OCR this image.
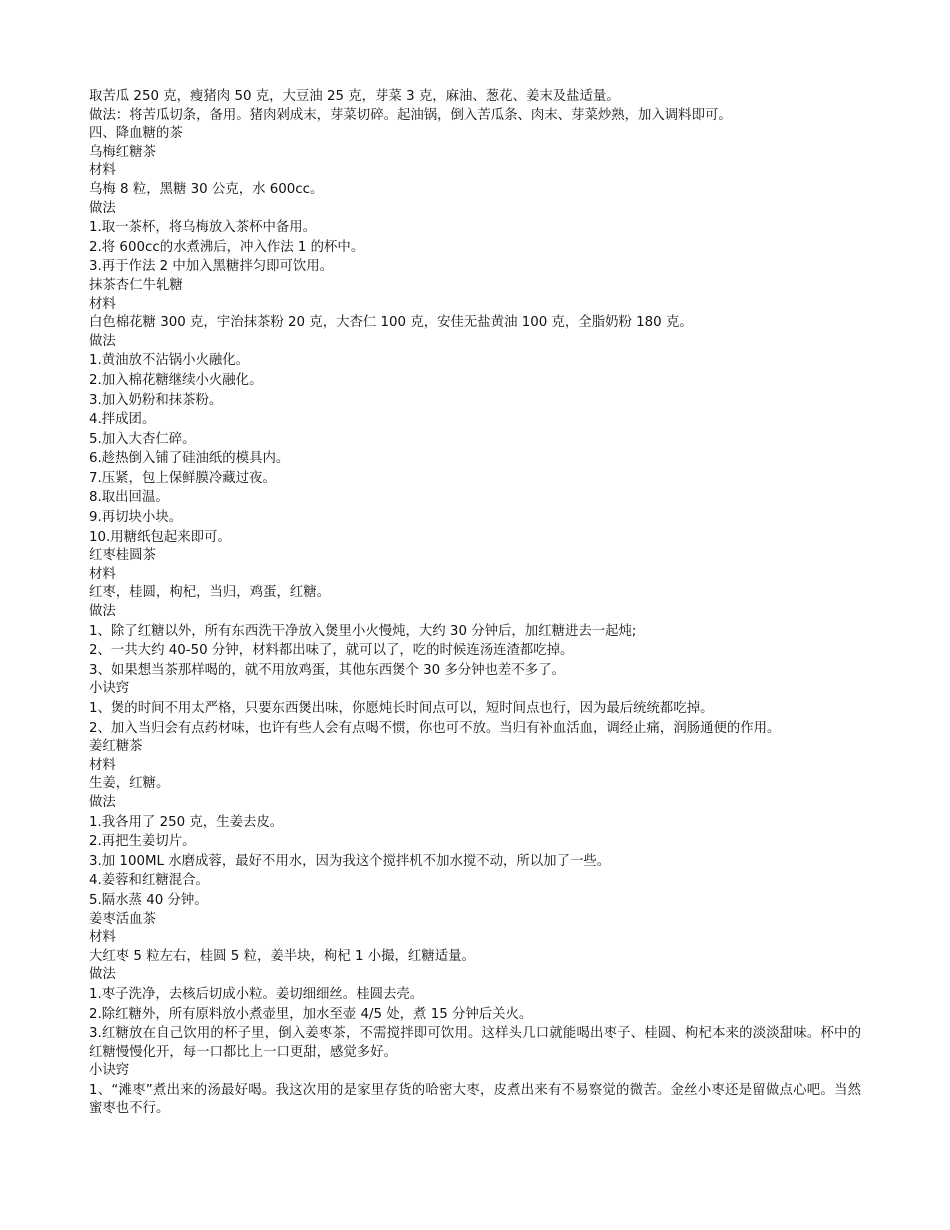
取苦瓜 250 克，瘦猪肉 50 克，大豆油 25 克，芽菜 3 克，麻油、葱花、姜末及盐适量。

做法：将苦瓜切条，备用。猪肉剁成末，芽菜切碎。起油锅，倒入苦瓜条、肉末、芽菜炒熟，加入调料即可。

四、降血糖的茶

乌梅红糖茶

材料

乌梅 8 粒，黑糖 30 公克，水 600cc。

做法

1.取一茶杯，将乌梅放入茶杯中备用。

2.将 600cc的水煮沸后，冲入作法 1 的杯中。

3.再于作法 2 中加入黑糖拌匀即可饮用。

抹茶杏仁牛轧糖

材料

白色棉花糖 300 克，宇治抹茶粉 20 克，大杏仁 100 克，安佳无盐黄油 100 克，全脂奶粉 180 克。

做法

1.黄油放不沾锅小火融化。

2.加入棉花糖继续小火融化。

3.加入奶粉和抹茶粉。

4.拌成团。

5.加入大杏仁碎。

6.趁热倒入铺了硅油纸的模具内。

7.压紧，包上保鲜膜冷藏过夜。

8.取出回温。

9.再切块小块。

10.用糖纸包起来即可。

红枣桂圆茶

材料

红枣，桂圆，枸杞，当归，鸡蛋，红糖。

做法

1、除了红糖以外，所有东西洗干净放入煲里小火慢炖，大约 30 分钟后，加红糖进去一起炖;

2、一共大约 40-50 分钟，材料都出味了，就可以了，吃的时候连汤连渣都吃掉。

3、如果想当茶那样喝的，就不用放鸡蛋，其他东西煲个 30 多分钟也差不多了。

小诀窍

1、煲的时间不用太严格，只要东西煲出味，你愿炖长时间点可以，短时间点也行，因为最后统统都吃掉。

2、加入当归会有点药材味，也许有些人会有点喝不惯，你也可不放。当归有补血活血，调经止痛，润肠通便的作用。

姜红糖茶

材料

生姜，红糖。

做法

1.我各用了 250 克，生姜去皮。

2.再把生姜切片。

3.加 100ML 水磨成蓉，最好不用水，因为我这个搅拌机不加水搅不动，所以加了一些。

4.姜蓉和红糖混合。

5.隔水蒸 40 分钟。

姜枣活血茶

材料

大红枣 5 粒左右，桂圆 5 粒，姜半块，枸杞 1 小撮，红糖适量。

做法

1.枣子洗净，去核后切成小粒。姜切细细丝。桂圆去壳。

2.除红糖外，所有原料放小煮壶里，加水至壶 4/5 处，煮 15 分钟后关火。

3.红糖放在自己饮用的杯子里，倒入姜枣茶，不需搅拌即可饮用。这样头几口就能喝出枣子、桂圆、枸杞本来的淡淡甜味。杯中的红糖慢慢化开，每一口都比上一口更甜，感觉多好。

小诀窍

1、“滩枣”煮出来的汤最好喝。我这次用的是家里存货的哈密大枣，皮煮出来有不易察觉的微苦。金丝小枣还是留做点心吧。当然蜜枣也不行。
